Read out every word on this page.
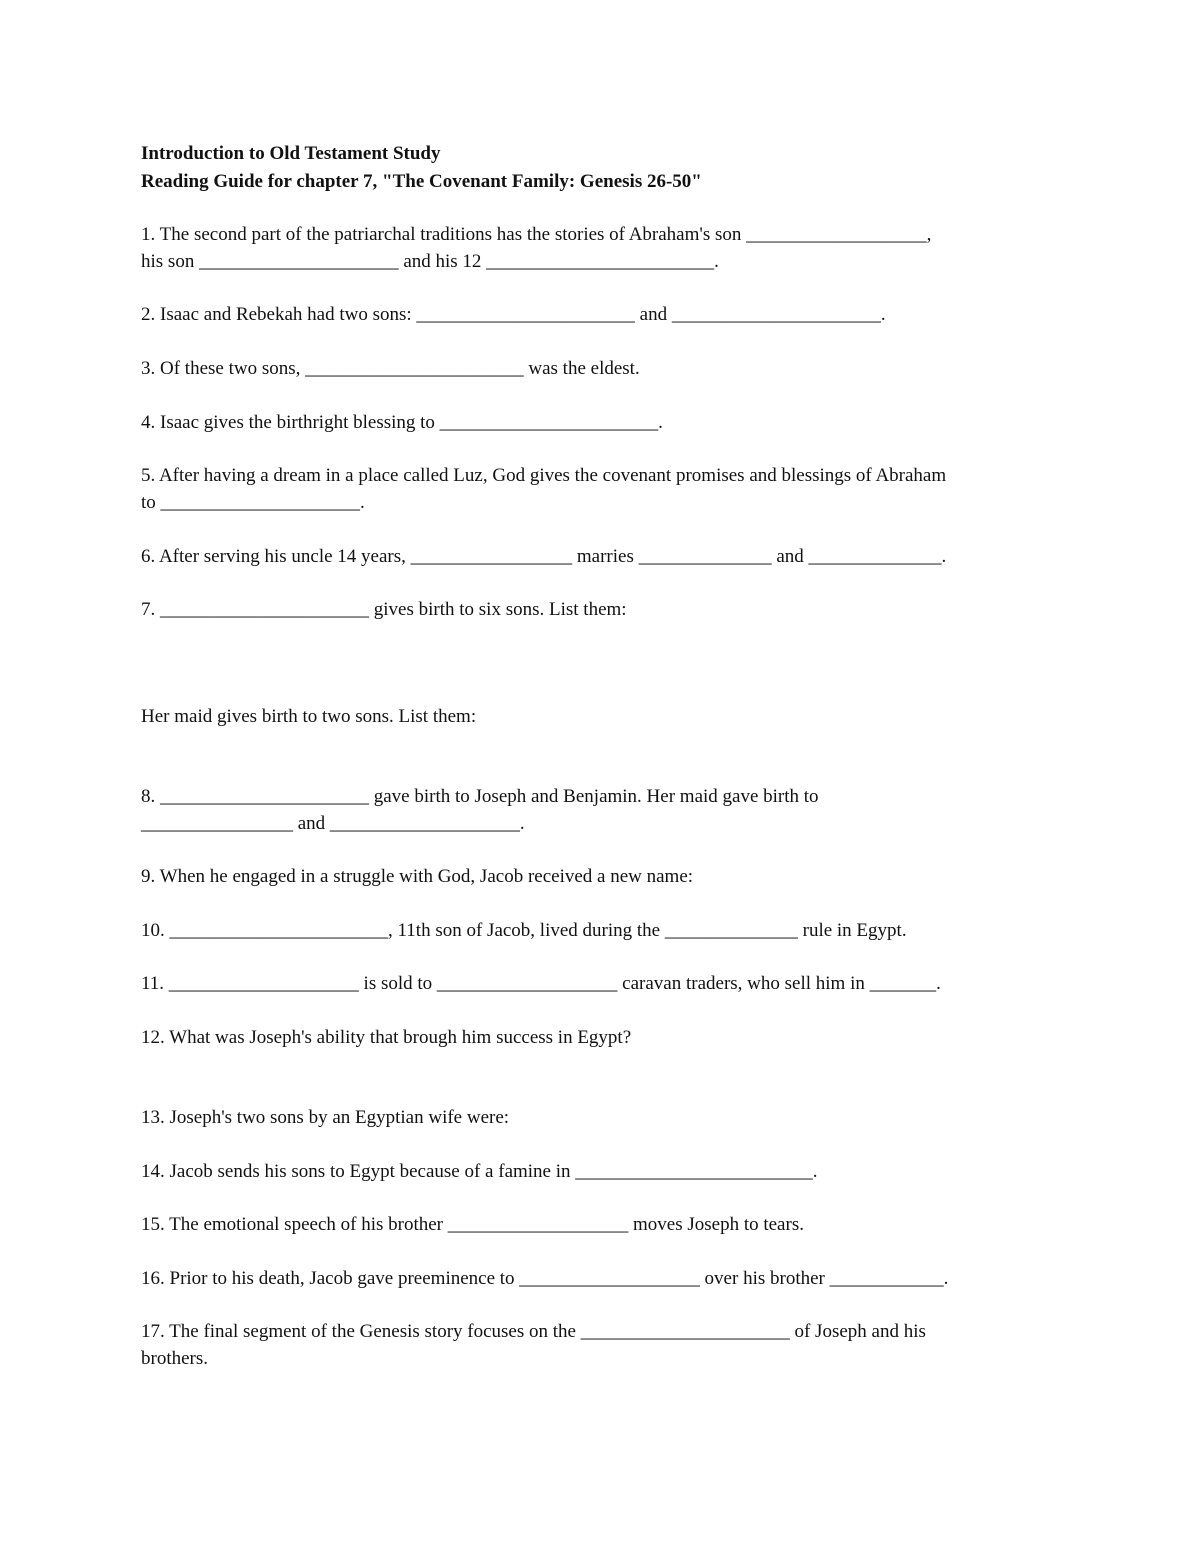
Introduction to Old Testament Study
Reading Guide for chapter 7, "The Covenant Family: Genesis 26-50"
1. The second part of the patriarchal traditions has the stories of Abraham's son ___________________,
his son _____________________ and his 12 ________________________.
2. Isaac and Rebekah had two sons: _______________________ and ______________________.
3. Of these two sons, _______________________ was the eldest.
4. Isaac gives the birthright blessing to _______________________.
5. After having a dream in a place called Luz, God gives the covenant promises and blessings of Abraham
to _____________________.
6. After serving his uncle 14 years, _________________ marries ______________ and ______________.
7. ______________________ gives birth to six sons. List them:
Her maid gives birth to two sons. List them:
8. ______________________ gave birth to Joseph and Benjamin. Her maid gave birth to
________________ and ____________________.
9. When he engaged in a struggle with God, Jacob received a new name:
10. _______________________, 11th son of Jacob, lived during the ______________ rule in Egypt.
11. ____________________ is sold to ___________________ caravan traders, who sell him in _______.
12. What was Joseph's ability that brough him success in Egypt?
13. Joseph's two sons by an Egyptian wife were:
14. Jacob sends his sons to Egypt because of a famine in _________________________.
15. The emotional speech of his brother ___________________ moves Joseph to tears.
16. Prior to his death, Jacob gave preeminence to ___________________ over his brother ____________.
17. The final segment of the Genesis story focuses on the ______________________ of Joseph and his
brothers.
